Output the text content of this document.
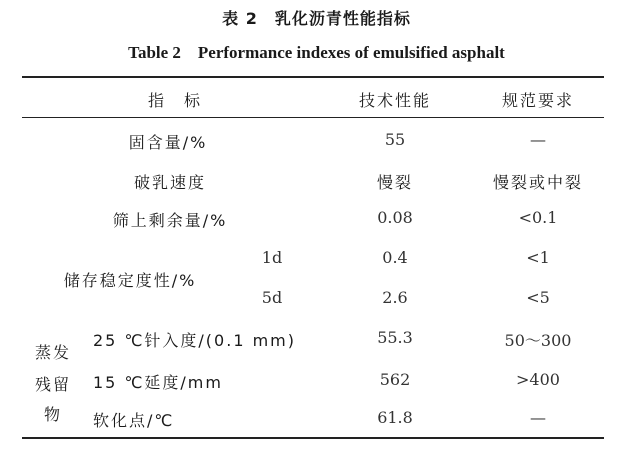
表 2　乳化沥青性能指标
Table 2　Performance indexes of emulsified asphalt
指　标	技术性能	规范要求
固含量/%	55	—
破乳速度	慢裂	慢裂或中裂
筛上剩余量/%	0.08	<0.1
储存稳定度性/%
1d	0.4	<1
5d	2.6	<5
蒸发
残留
物
25 ℃针入度/(0.1 mm)	55.3	50～300
15 ℃延度/mm	562	>400
软化点/℃	61.8	—
